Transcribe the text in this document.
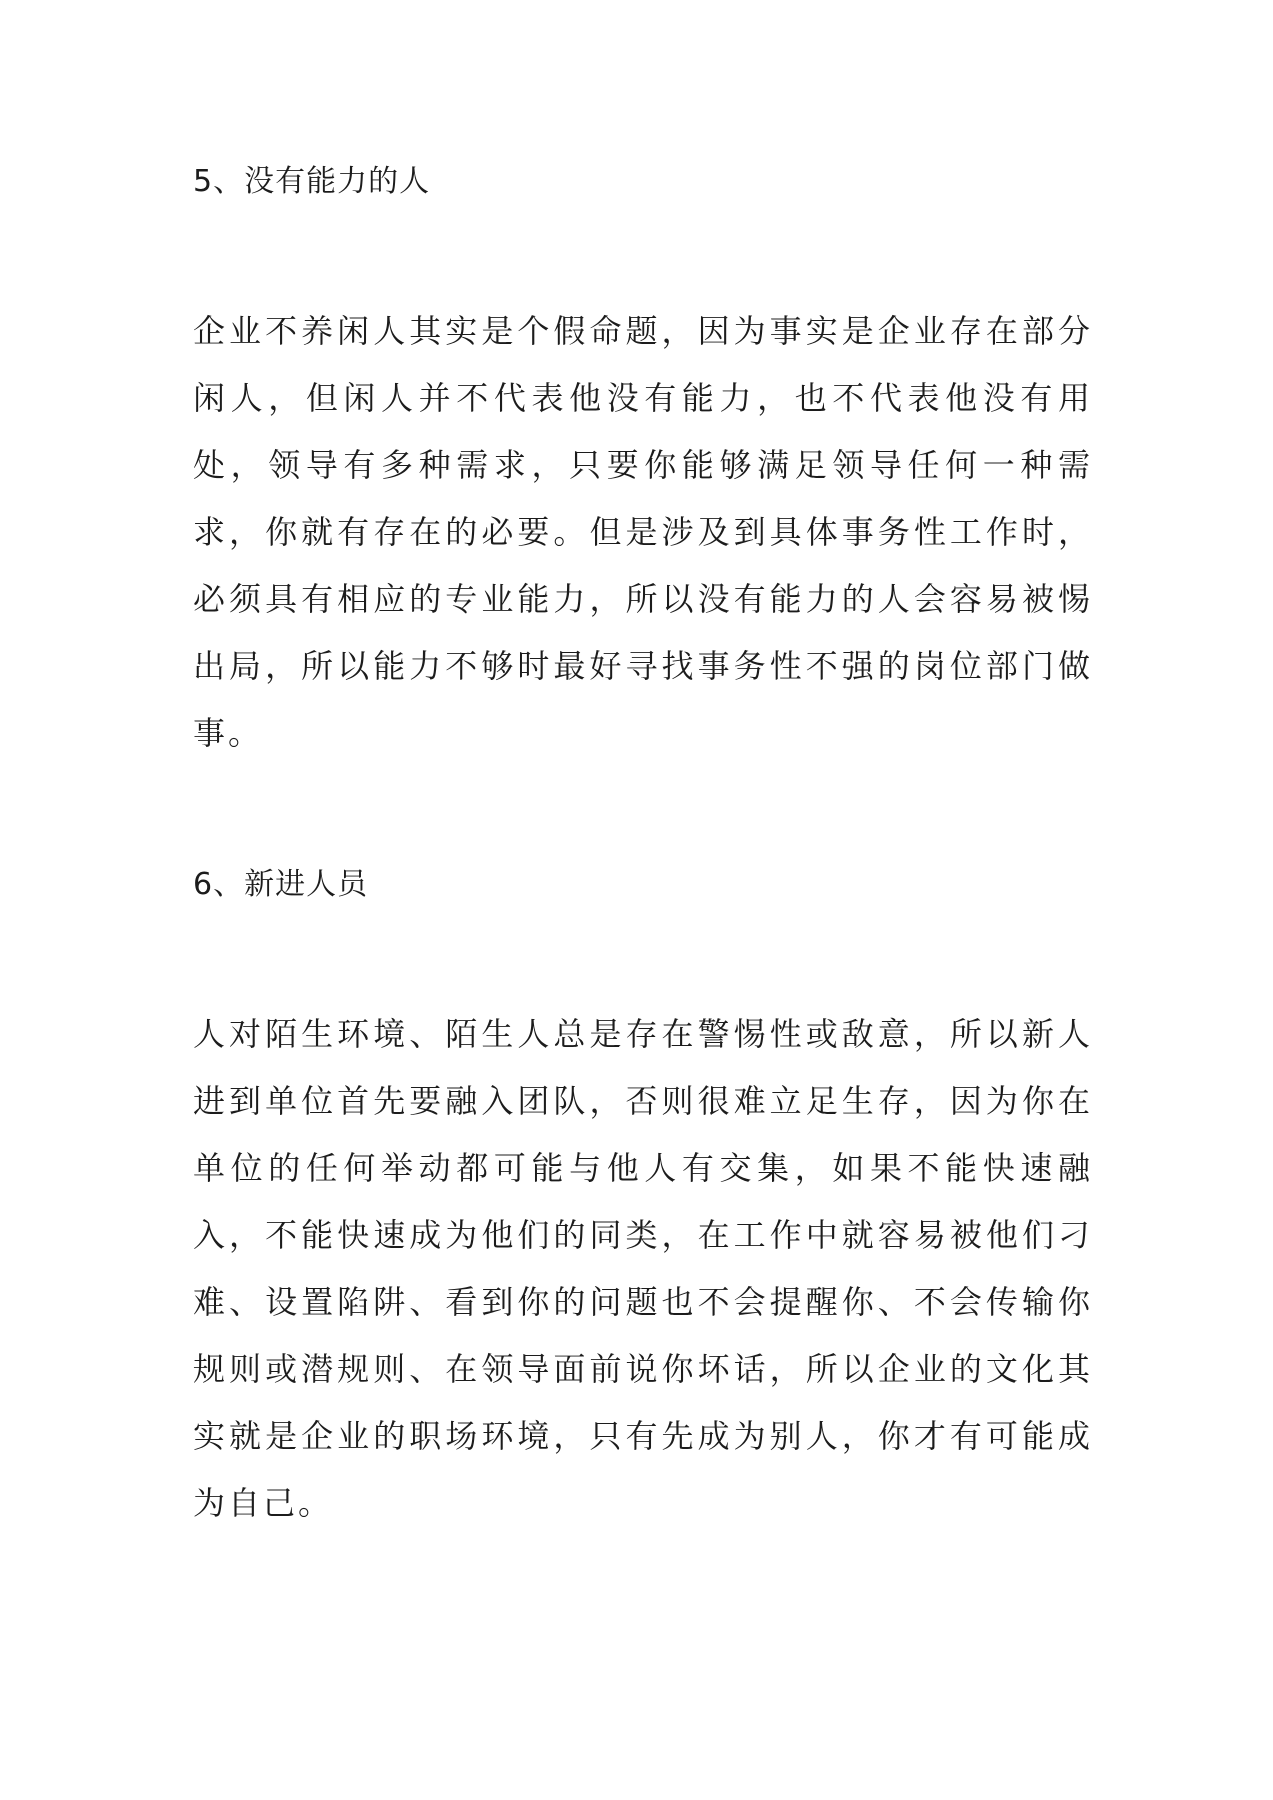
5、没有能力的人

企业不养闲人其实是个假命题，因为事实是企业存在部分闲人，但闲人并不代表他没有能力，也不代表他没有用处，领导有多种需求，只要你能够满足领导任何一种需求，你就有存在的必要。但是涉及到具体事务性工作时，必须具有相应的专业能力，所以没有能力的人会容易被惕出局，所以能力不够时最好寻找事务性不强的岗位部门做事。

6、新进人员

人对陌生环境、陌生人总是存在警惕性或敌意，所以新人进到单位首先要融入团队，否则很难立足生存，因为你在单位的任何举动都可能与他人有交集，如果不能快速融入，不能快速成为他们的同类，在工作中就容易被他们刁难、设置陷阱、看到你的问题也不会提醒你、不会传输你规则或潜规则、在领导面前说你坏话，所以企业的文化其实就是企业的职场环境，只有先成为别人，你才有可能成为自己。
